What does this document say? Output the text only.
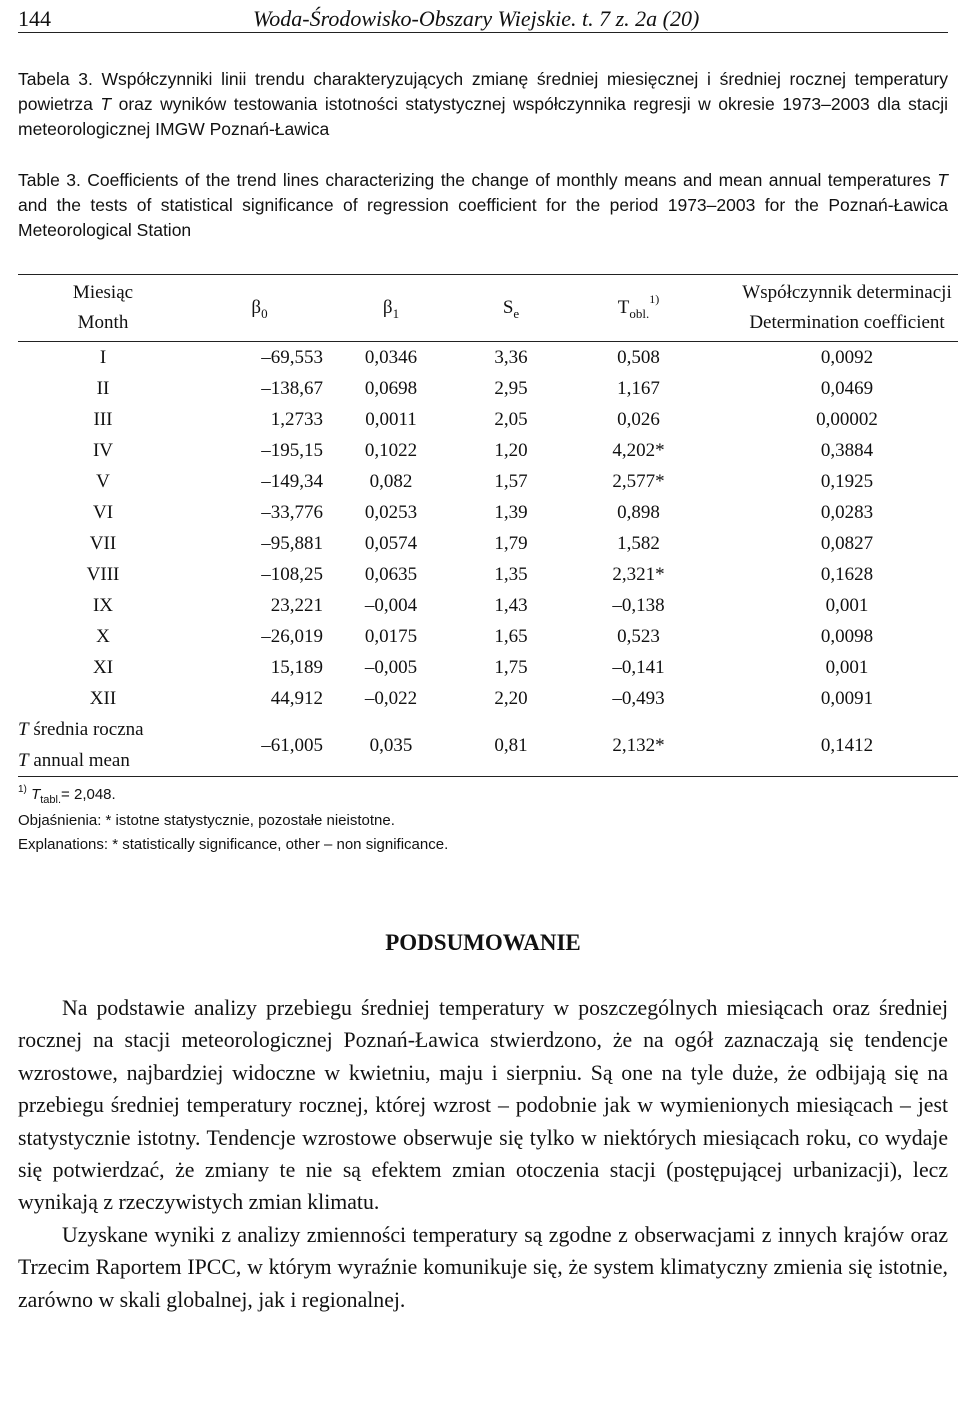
144	Woda-Środowisko-Obszary Wiejskie. t. 7 z. 2a (20)
Tabela 3. Współczynniki linii trendu charakteryzujących zmianę średniej miesięcznej i średniej rocznej temperatury powietrza T oraz wyników testowania istotności statystycznej współczynnika regresji w okresie 1973–2003 dla stacji meteorologicznej IMGW Poznań-Ławica
Table 3. Coefficients of the trend lines characterizing the change of monthly means and mean annual temperatures T and the tests of statistical significance of regression coefficient for the period 1973–2003 for the Poznań-Ławica Meteorological Station
Miesiąc
Month	$\beta_0$	$\beta_1$	$S_e$	$T_{obl.}^{1)}$	Współczynnik determinacji
Determination coefficient
I	–69,553	0,0346	3,36	0,508	0,0092
II	–138,67	0,0698	2,95	1,167	0,0469
III	1,2733	0,0011	2,05	0,026	0,00002
IV	–195,15	0,1022	1,20	4,202*	0,3884
V	–149,34	0,082	1,57	2,577*	0,1925
VI	–33,776	0,0253	1,39	0,898	0,0283
VII	–95,881	0,0574	1,79	1,582	0,0827
VIII	–108,25	0,0635	1,35	2,321*	0,1628
IX	23,221	–0,004	1,43	–0,138	0,001
X	–26,019	0,0175	1,65	0,523	0,0098
XI	15,189	–0,005	1,75	–0,141	0,001
XII	44,912	–0,022	2,20	–0,493	0,0091
T średnia roczna
T annual mean	–61,005	0,035	0,81	2,132*	0,1412
$^{1)}$ $T_{tabl.}= 2,048$.
Objaśnienia: * istotne statystycznie, pozostałe nieistotne.
Explanations: * statistically significance, other – non significance.
PODSUMOWANIE

Na podstawie analizy przebiegu średniej temperatury w poszczególnych miesiącach oraz średniej rocznej na stacji meteorologicznej Poznań-Ławica stwierdzono, że na ogół zaznaczają się tendencje wzrostowe, najbardziej widoczne w kwietniu, maju i sierpniu. Są one na tyle duże, że odbijają się na przebiegu średniej temperatury rocznej, której wzrost – podobnie jak w wymienionych miesiącach – jest statystycznie istotny. Tendencje wzrostowe obserwuje się tylko w niektórych miesiącach roku, co wydaje się potwierdzać, że zmiany te nie są efektem zmian otoczenia stacji (postępującej urbanizacji), lecz wynikają z rzeczywistych zmian klimatu.

Uzyskane wyniki z analizy zmienności temperatury są zgodne z obserwacjami z innych krajów oraz Trzecim Raportem IPCC, w którym wyraźnie komunikuje się, że system klimatyczny zmienia się istotnie, zarówno w skali globalnej, jak i regionalnej.
